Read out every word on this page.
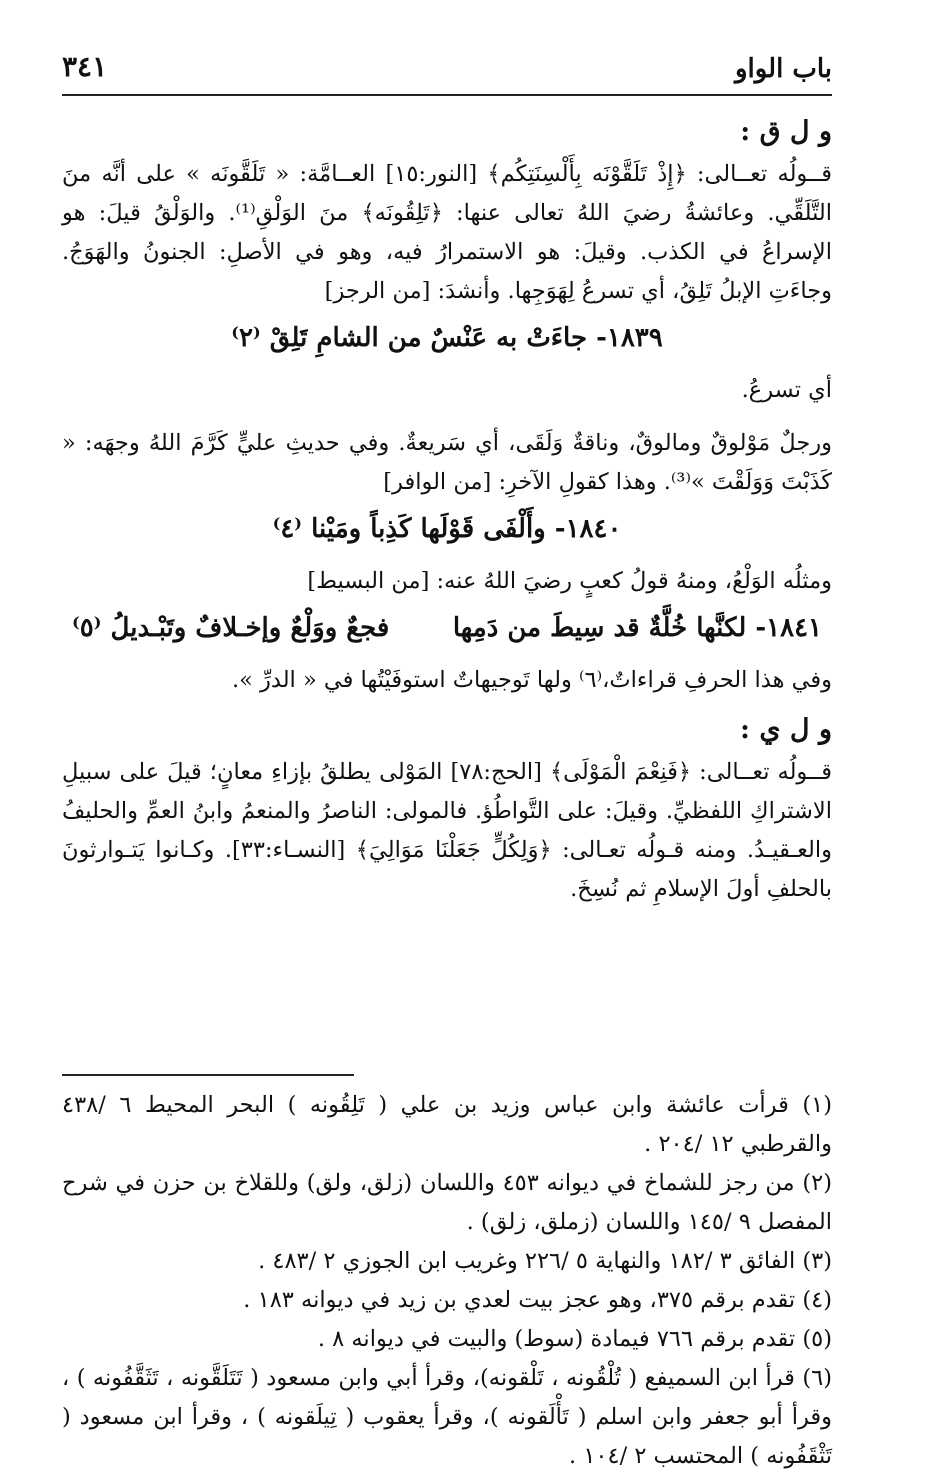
باب الواو
٣٤١
و ل ق :

قــولُه تعــالى: ﴿إِذْ تَلَقَّوْنَه بِأَلْسِنَتِكُم﴾ [النور:١٥] العــامَّة: « تَلَقَّونَه » على أنَّه منَ التَّلَقِّي. وعائشةُ رضيَ اللهُ تعالى عنها: ﴿تَلِقُونَه﴾ منَ الوَلْقِ⁽¹⁾. والوَلْقُ قيلَ: هو الإسراعُ في الكذب. وقيلَ: هو الاستمرارُ فيه، وهو في الأصلِ: الجنونُ والهَوَجُ. وجاءَتِ الإبلُ تَلِقُ، أي تسرعُ لِهَوَجِها. وأنشدَ: [من الرجز]

١٨٣٩- جاءَتْ به عَنْسٌ من الشامِ تَلِقْ ⁽٢⁾

أي تسرعُ.

ورجلٌ مَوْلوقٌ ومالوقٌ، وناقةٌ وَلَقَى، أي سَريعةٌ. وفي حديثِ عليٍّ كَرَّمَ اللهُ وجهَه: « كَذَبْتَ وَوَلَقْتَ »⁽³⁾. وهذا كقولِ الآخرِ: [من الوافر]

١٨٤٠- وأَلْفَى قَوْلَها كَذِباً ومَيْنا ⁽٤⁾

ومثلُه الوَلْعُ، ومنهُ قولُ كعبٍ رضيَ اللهُ عنه: [من البسيط]

١٨٤١- لكنَّها خُلَّةٌ قد سِيطَ من دَمِها
فجعٌ ووَلْعٌ وإخـلافٌ وتَبْـديلُ ⁽٥⁾

وفي هذا الحرفِ قراءاتٌ،⁽٦⁾ ولها تَوجيهاتٌ استوفَيْتُها في « الدرِّ ».

و ل ي :

قــولُه تعــالى: ﴿فَنِعْمَ الْمَوْلَى﴾ [الحج:٧٨] المَوْلى يطلقُ بإزاءِ معانٍ؛ قيلَ على سبيلِ الاشتراكِ اللفظيِّ. وقيلَ: على التَّواطُؤ. فالمولى: الناصرُ والمنعمُ وابنُ العمِّ والحليفُ والعـقيـدُ. ومنه قـولُه تعـالى: ﴿وَلِكُلٍّ جَعَلْنَا مَوَالِيَ﴾ [النسـاء:٣٣]. وكـانوا يَتـوارثونَ بالحلفِ أولَ الإسلامِ ثم نُسِخَ.

(١) قرأت عائشة وابن عباس وزيد بن علي ( تَلِقُونه ) البحر المحيط ٦ /٤٣٨ والقرطبي ١٢ /٢٠٤ .

(٢) من رجز للشماخ في ديوانه ٤٥٣ واللسان (زلق، ولق) وللقلاخ بن حزن في شرح المفصل ٩ /١٤٥ واللسان (زملق، زلق) .

(٣) الفائق ٣ /١٨٢ والنهاية ٥ /٢٢٦ وغريب ابن الجوزي ٢ /٤٨٣ .

(٤) تقدم برقم ٣٧٥، وهو عجز بيت لعدي بن زيد في ديوانه ١٨٣ .

(٥) تقدم برقم ٧٦٦ فيمادة (سوط) والبيت في ديوانه ٨ .

(٦) قرأ ابن السميفع ( تُلْقُونه ، تَلْقونه)، وقرأ أبي وابن مسعود ( تَتَلَقَّونه ، تَثَقَّفُونه ) ، وقرأ أبو جعفر وابن اسلم ( تَأْلَقونه )، وقرأ يعقوب ( تِيلَقونه ) ، وقرأ ابن مسعود ( تَثْقَفُونه ) المحتسب ٢ /١٠٤ .
